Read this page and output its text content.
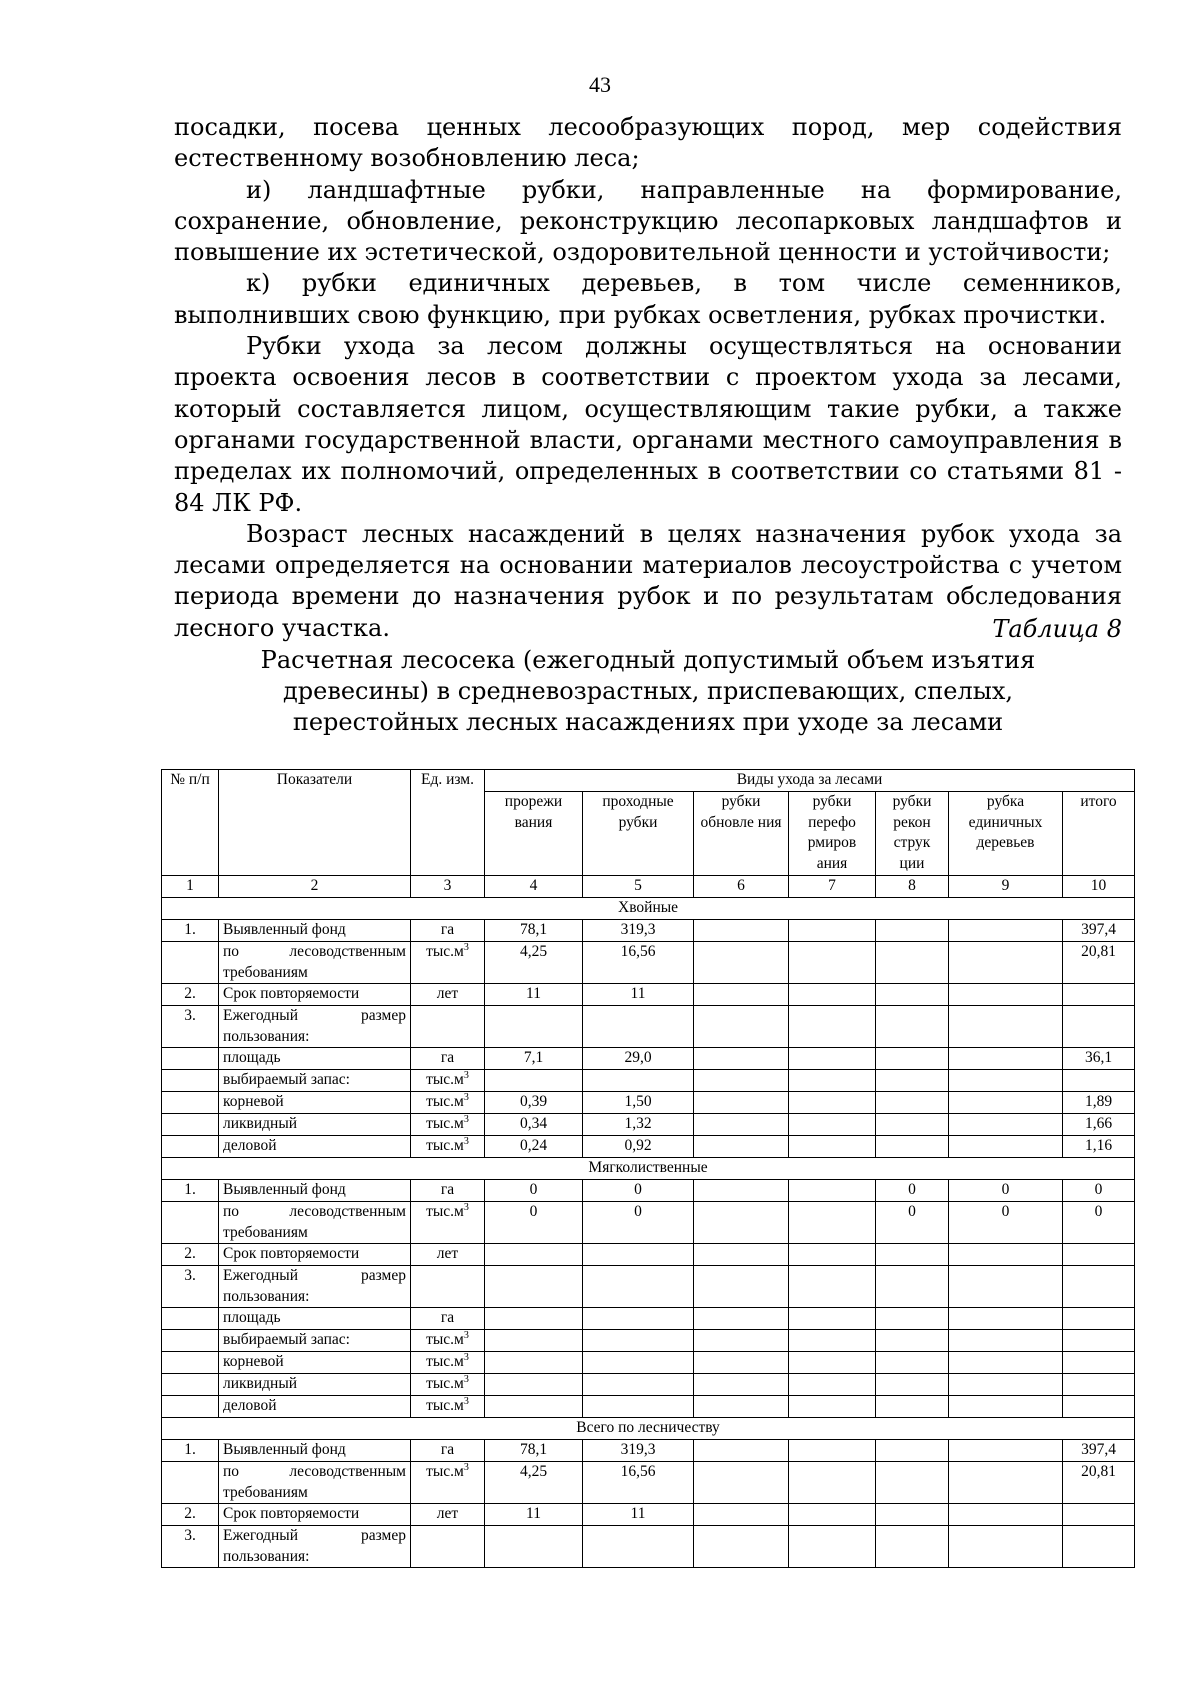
43

посадки, посева ценных лесообразующих пород, мер содействия естественному возобновлению леса;

и) ландшафтные рубки, направленные на формирование, сохранение, обновление, реконструкцию лесопарковых ландшафтов и повышение их эстетической, оздоровительной ценности и устойчивости;

к) рубки единичных деревьев, в том числе семенников, выполнивших свою функцию, при рубках осветления, рубках прочистки.

Рубки ухода за лесом должны осуществляться на основании проекта освоения лесов в соответствии с проектом ухода за лесами, который составляется лицом, осуществляющим такие рубки, а также органами государственной власти, органами местного самоуправления в пределах их полномочий, определенных в соответствии со статьями 81 - 84 ЛК РФ.

Возраст лесных насаждений в целях назначения рубок ухода за лесами определяется на основании материалов лесоустройства с учетом периода времени до назначения рубок и по результатам обследования лесного участка.	Таблица 8
Расчетная лесосека (ежегодный допустимый объем изъятия
древесины) в средневозрастных, приспевающих, спелых,
перестойных лесных насаждениях при уходе за лесами
№ п/п	Показатели	Ед. изм.	Виды ухода за лесами						
			прорежи вания	проходные рубки	рубки обновле ния	рубки перефо рмиров ания	рубки рекон струк ции	рубка единичных деревьев	итого
1	2	3	4	5	6	7	8	9	10
Хвойные									
1.	Выявленный фонд	га	78,1	319,3					397,4
	по лесоводственным требованиям	$тыс.м^3$	4,25	16,56					20,81
2.	Срок повторяемости	лет	11	11					
3.	Ежегодный размер пользования:								
	площадь	га	7,1	29,0					36,1
	выбираемый запас:	$тыс.м^3$							
	корневой	$тыс.м^3$	0,39	1,50					1,89
	ликвидный	$тыс.м^3$	0,34	1,32					1,66
	деловой	$тыс.м^3$	0,24	0,92					1,16
Мягколиственные									
1.	Выявленный фонд	га	0	0			0	0	0
	по лесоводственным требованиям	$тыс.м^3$	0	0			0	0	0
2.	Срок повторяемости	лет							
3.	Ежегодный размер пользования:								
	площадь	га							
	выбираемый запас:	$тыс.м^3$							
	корневой	$тыс.м^3$							
	ликвидный	$тыс.м^3$							
	деловой	$тыс.м^3$							
Всего по лесничеству									
1.	Выявленный фонд	га	78,1	319,3					397,4
	по лесоводственным требованиям	$тыс.м^3$	4,25	16,56					20,81
2.	Срок повторяемости	лет	11	11					
3.	Ежегодный размер пользования:								
